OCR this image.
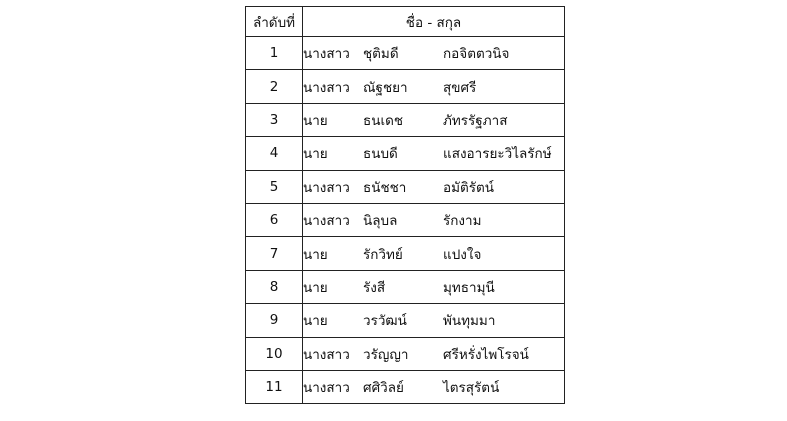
ลำดับที่	ชื่อ - สกุล
1	นางสาว ชุติมดี กอจิตตวนิจ
2	นางสาว ณัฐชยา สุขศรี
3	นาย ธนเดช ภัทรรัฐภาส
4	นาย ธนบดี แสงอารยะวิไลรักษ์
5	นางสาว ธนัชชา อมัติรัตน์
6	นางสาว นิลุบล รักงาม
7	นาย รักวิทย์ แปงใจ
8	นาย รังสี มุทธามุนี
9	นาย วรวัฒน์ พันทุมมา
10	นางสาว วรัญญา ศรีหรั่งไพโรจน์
11	นางสาว ศศิวิลย์ ไตรสุรัตน์
